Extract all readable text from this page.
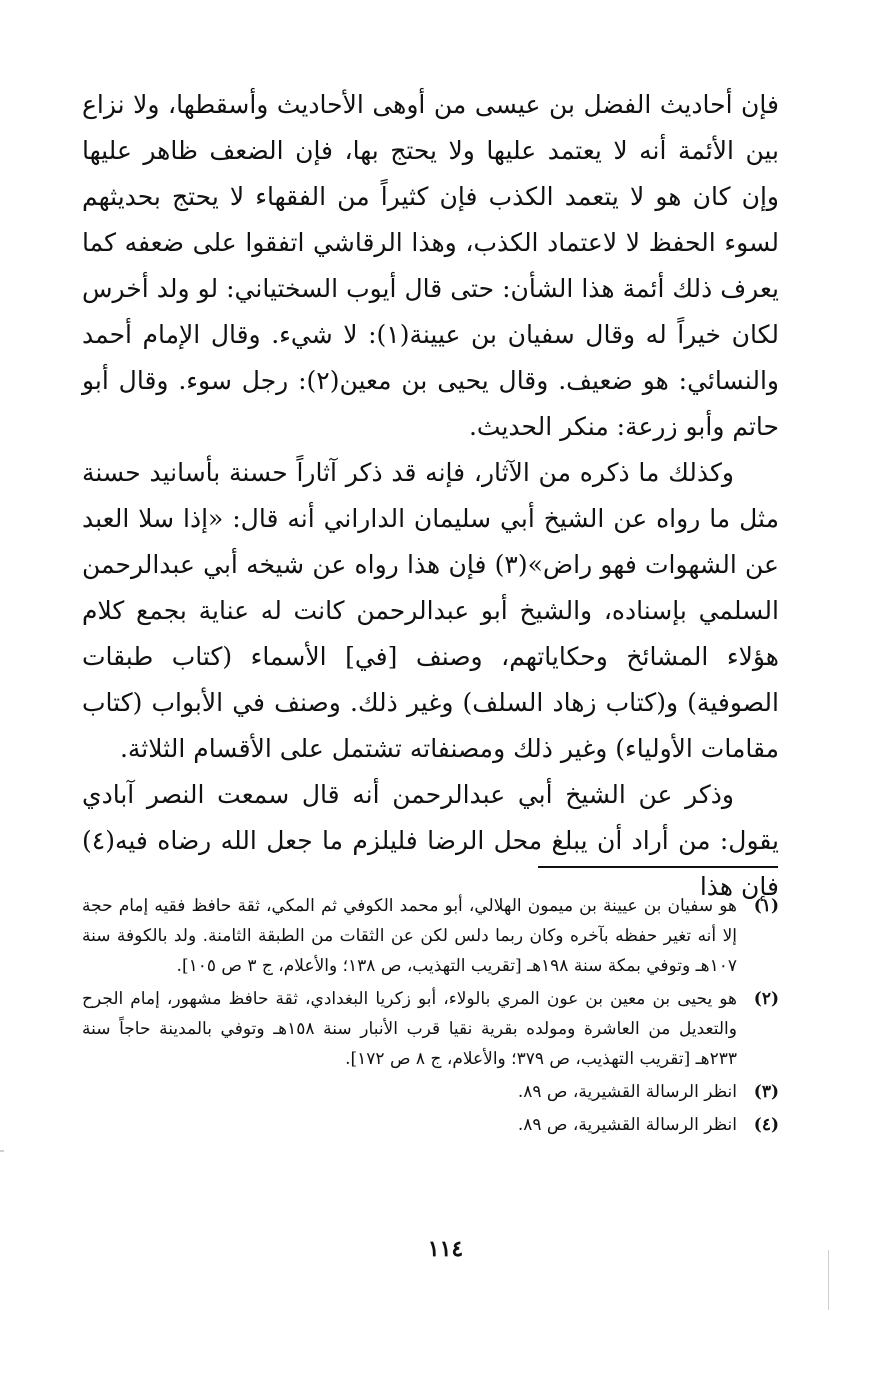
فإن أحاديث الفضل بن عيسى من أوهى الأحاديث وأسقطها، ولا نزاع بين الأئمة أنه لا يعتمد عليها ولا يحتج بها، فإن الضعف ظاهر عليها وإن كان هو لا يتعمد الكذب فإن كثيراً من الفقهاء لا يحتج بحديثهم لسوء الحفظ لا لاعتماد الكذب، وهذا الرقاشي اتفقوا على ضعفه كما يعرف ذلك أئمة هذا الشأن: حتى قال أيوب السختياني: لو ولد أخرس لكان خيراً له وقال سفيان بن عيينة(١): لا شيء. وقال الإمام أحمد والنسائي: هو ضعيف. وقال يحيى بن معين(٢): رجل سوء. وقال أبو حاتم وأبو زرعة: منكر الحديث.

وكذلك ما ذكره من الآثار، فإنه قد ذكر آثاراً حسنة بأسانيد حسنة مثل ما رواه عن الشيخ أبي سليمان الداراني أنه قال: «إذا سلا العبد عن الشهوات فهو راض»(٣) فإن هذا رواه عن شيخه أبي عبدالرحمن السلمي بإسناده، والشيخ أبو عبدالرحمن كانت له عناية بجمع كلام هؤلاء المشائخ وحكاياتهم، وصنف [في] الأسماء (كتاب طبقات الصوفية) و(كتاب زهاد السلف) وغير ذلك. وصنف في الأبواب (كتاب مقامات الأولياء) وغير ذلك ومصنفاته تشتمل على الأقسام الثلاثة.

وذكر عن الشيخ أبي عبدالرحمن أنه قال سمعت النصر آبادي يقول: من أراد أن يبلغ محل الرضا فليلزم ما جعل الله رضاه فيه(٤) فإن هذا

(١)
هو سفيان بن عيينة بن ميمون الهلالي، أبو محمد الكوفي ثم المكي، ثقة حافظ فقيه إمام حجة إلا أنه تغير حفظه بآخره وكان ربما دلس لكن عن الثقات من الطبقة الثامنة. ولد بالكوفة سنة ١٠٧هـ وتوفي بمكة سنة ١٩٨هـ [تقريب التهذيب، ص ١٣٨؛ والأعلام، ج ٣ ص ١٠٥].
(٢)
هو يحيى بن معين بن عون المري بالولاء، أبو زكريا البغدادي، ثقة حافظ مشهور، إمام الجرح والتعديل من العاشرة ومولده بقرية نقيا قرب الأنبار سنة ١٥٨هـ وتوفي بالمدينة حاجاً سنة ٢٣٣هـ [تقريب التهذيب، ص ٣٧٩؛ والأعلام، ج ٨ ص ١٧٢].
(٣)
انظر الرسالة القشيرية، ص ٨٩.
(٤)
انظر الرسالة القشيرية، ص ٨٩.
١١٤
